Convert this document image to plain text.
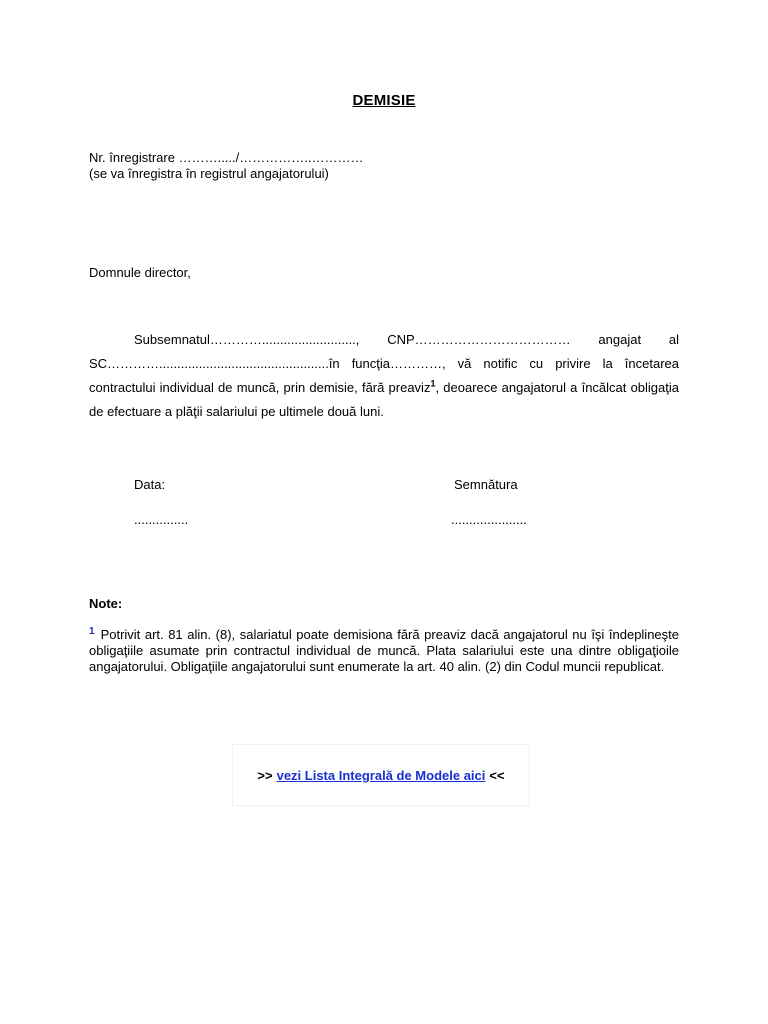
DEMISIE
Nr. înregistrare ………...../……………..…………
(se va înregistra în registrul angajatorului)
Domnule director,
Subsemnatul………….........................., CNP……………………………… angajat al SC…………...............................................în funcţia…………, vă notific cu privire la încetarea contractului individual de muncă, prin demisie, fără preaviz$^1$, deoarece angajatorul a încălcat obligaţia de efectuare a plăţii salariului pe ultimele două luni.
Data:
...............
Semnătura
.....................
Note:
$^1$ Potrivit art. 81 alin. (8), salariatul poate demisiona fără preaviz dacă angajatorul nu îşi îndeplineşte obligaţiile asumate prin contractul individual de muncă. Plata salariului este una dintre obligaţioile angajatorului. Obligaţiile angajatorului sunt enumerate la art. 40 alin. (2) din Codul muncii republicat.
>> vezi Lista Integrală de Modele aici <<
